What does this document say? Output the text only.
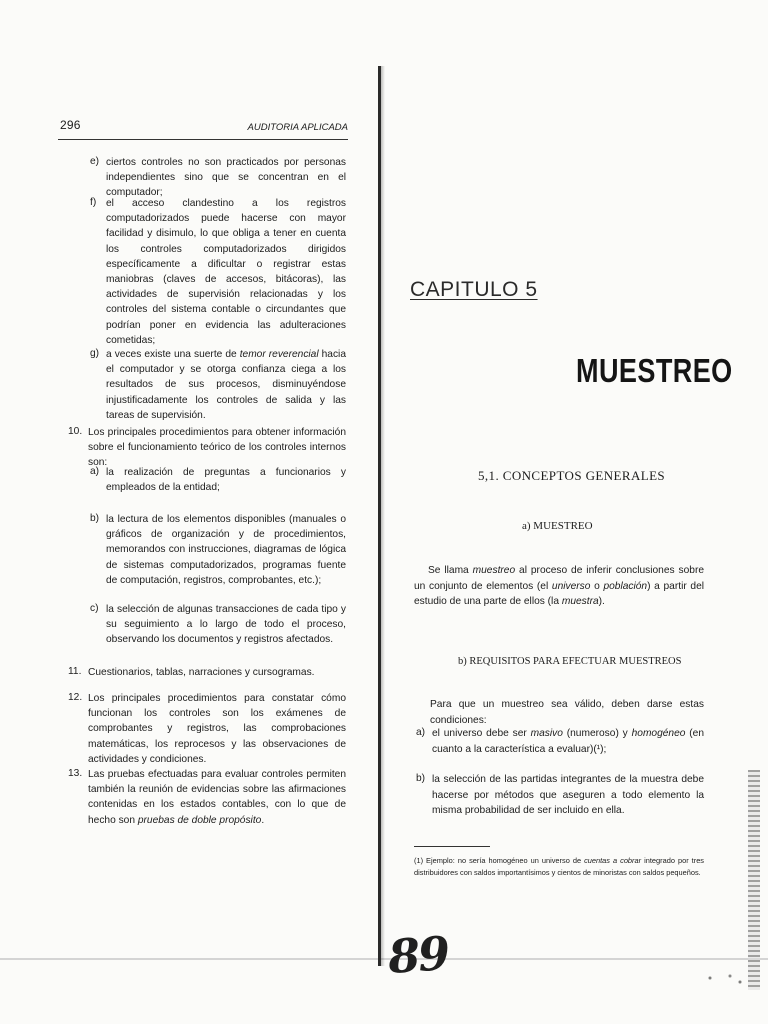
296	AUDITORIA APLICADA
e) ciertos controles no son practicados por personas independientes sino que se concentran en el computador;
f) el acceso clandestino a los registros computadorizados puede hacerse con mayor facilidad y disimulo, lo que obliga a tener en cuenta los controles computadorizados dirigidos específicamente a dificultar o registrar estas maniobras (claves de accesos, bitácoras), las actividades de supervisión relacionadas y los controles del sistema contable o circundantes que podrían poner en evidencia las adulteraciones cometidas;
g) a veces existe una suerte de temor reverencial hacia el computador y se otorga confianza ciega a los resultados de sus procesos, disminuyéndose injustificadamente los controles de salida y las tareas de supervisión.
10. Los principales procedimientos para obtener información sobre el funcionamiento teórico de los controles internos son:
a) la realización de preguntas a funcionarios y empleados de la entidad;
b) la lectura de los elementos disponibles (manuales o gráficos de organización y de procedimientos, memorandos con instrucciones, diagramas de lógica de sistemas computadorizados, programas fuente de computación, registros, comprobantes, etc.);
c) la selección de algunas transacciones de cada tipo y su seguimiento a lo largo de todo el proceso, observando los documentos y registros afectados.
11. Cuestionarios, tablas, narraciones y cursogramas.
12. Los principales procedimientos para constatar cómo funcionan los controles son los exámenes de comprobantes y registros, las comprobaciones matemáticas, los reprocesos y las observaciones de actividades y condiciones.
13. Las pruebas efectuadas para evaluar controles permiten también la reunión de evidencias sobre las afirmaciones contenidas en los estados contables, con lo que de hecho son pruebas de doble propósito.
CAPITULO 5
MUESTREO
5,1. CONCEPTOS GENERALES
a) MUESTREO
Se llama muestreo al proceso de inferir conclusiones sobre un conjunto de elementos (el universo o población) a partir del estudio de una parte de ellos (la muestra).
b) REQUISITOS PARA EFECTUAR MUESTREOS
Para que un muestreo sea válido, deben darse estas condiciones:
a) el universo debe ser masivo (numeroso) y homogéneo (en cuanto a la característica a evaluar)(¹);
b) la selección de las partidas integrantes de la muestra debe hacerse por métodos que aseguren a todo elemento la misma probabilidad de ser incluido en ella.
(1) Ejemplo: no sería homogéneo un universo de cuentas a cobrar integrado por tres distribuidores con saldos importantísimos y cientos de minoristas con saldos pequeños.
89
